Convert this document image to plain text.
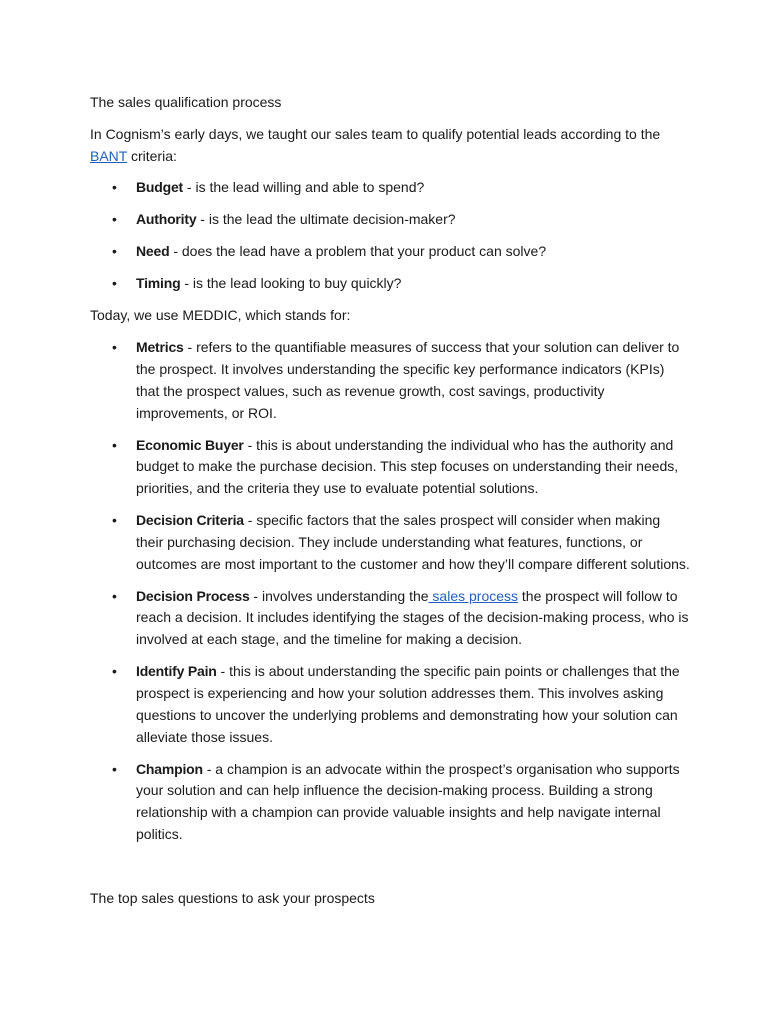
The sales qualification process

In Cognism’s early days, we taught our sales team to qualify potential leads according to the BANT criteria:

• Budget - is the lead willing and able to spend?
• Authority - is the lead the ultimate decision-maker?
• Need - does the lead have a problem that your product can solve?
• Timing - is the lead looking to buy quickly?

Today, we use MEDDIC, which stands for:

• Metrics - refers to the quantifiable measures of success that your solution can deliver to the prospect. It involves understanding the specific key performance indicators (KPIs) that the prospect values, such as revenue growth, cost savings, productivity improvements, or ROI.
• Economic Buyer - this is about understanding the individual who has the authority and budget to make the purchase decision. This step focuses on understanding their needs, priorities, and the criteria they use to evaluate potential solutions.
• Decision Criteria - specific factors that the sales prospect will consider when making their purchasing decision. They include understanding what features, functions, or outcomes are most important to the customer and how they’ll compare different solutions.
• Decision Process - involves understanding the sales process the prospect will follow to reach a decision. It includes identifying the stages of the decision-making process, who is involved at each stage, and the timeline for making a decision.
• Identify Pain - this is about understanding the specific pain points or challenges that the prospect is experiencing and how your solution addresses them. This involves asking questions to uncover the underlying problems and demonstrating how your solution can alleviate those issues.
• Champion - a champion is an advocate within the prospect’s organisation who supports your solution and can help influence the decision-making process. Building a strong relationship with a champion can provide valuable insights and help navigate internal politics.

The top sales questions to ask your prospects
